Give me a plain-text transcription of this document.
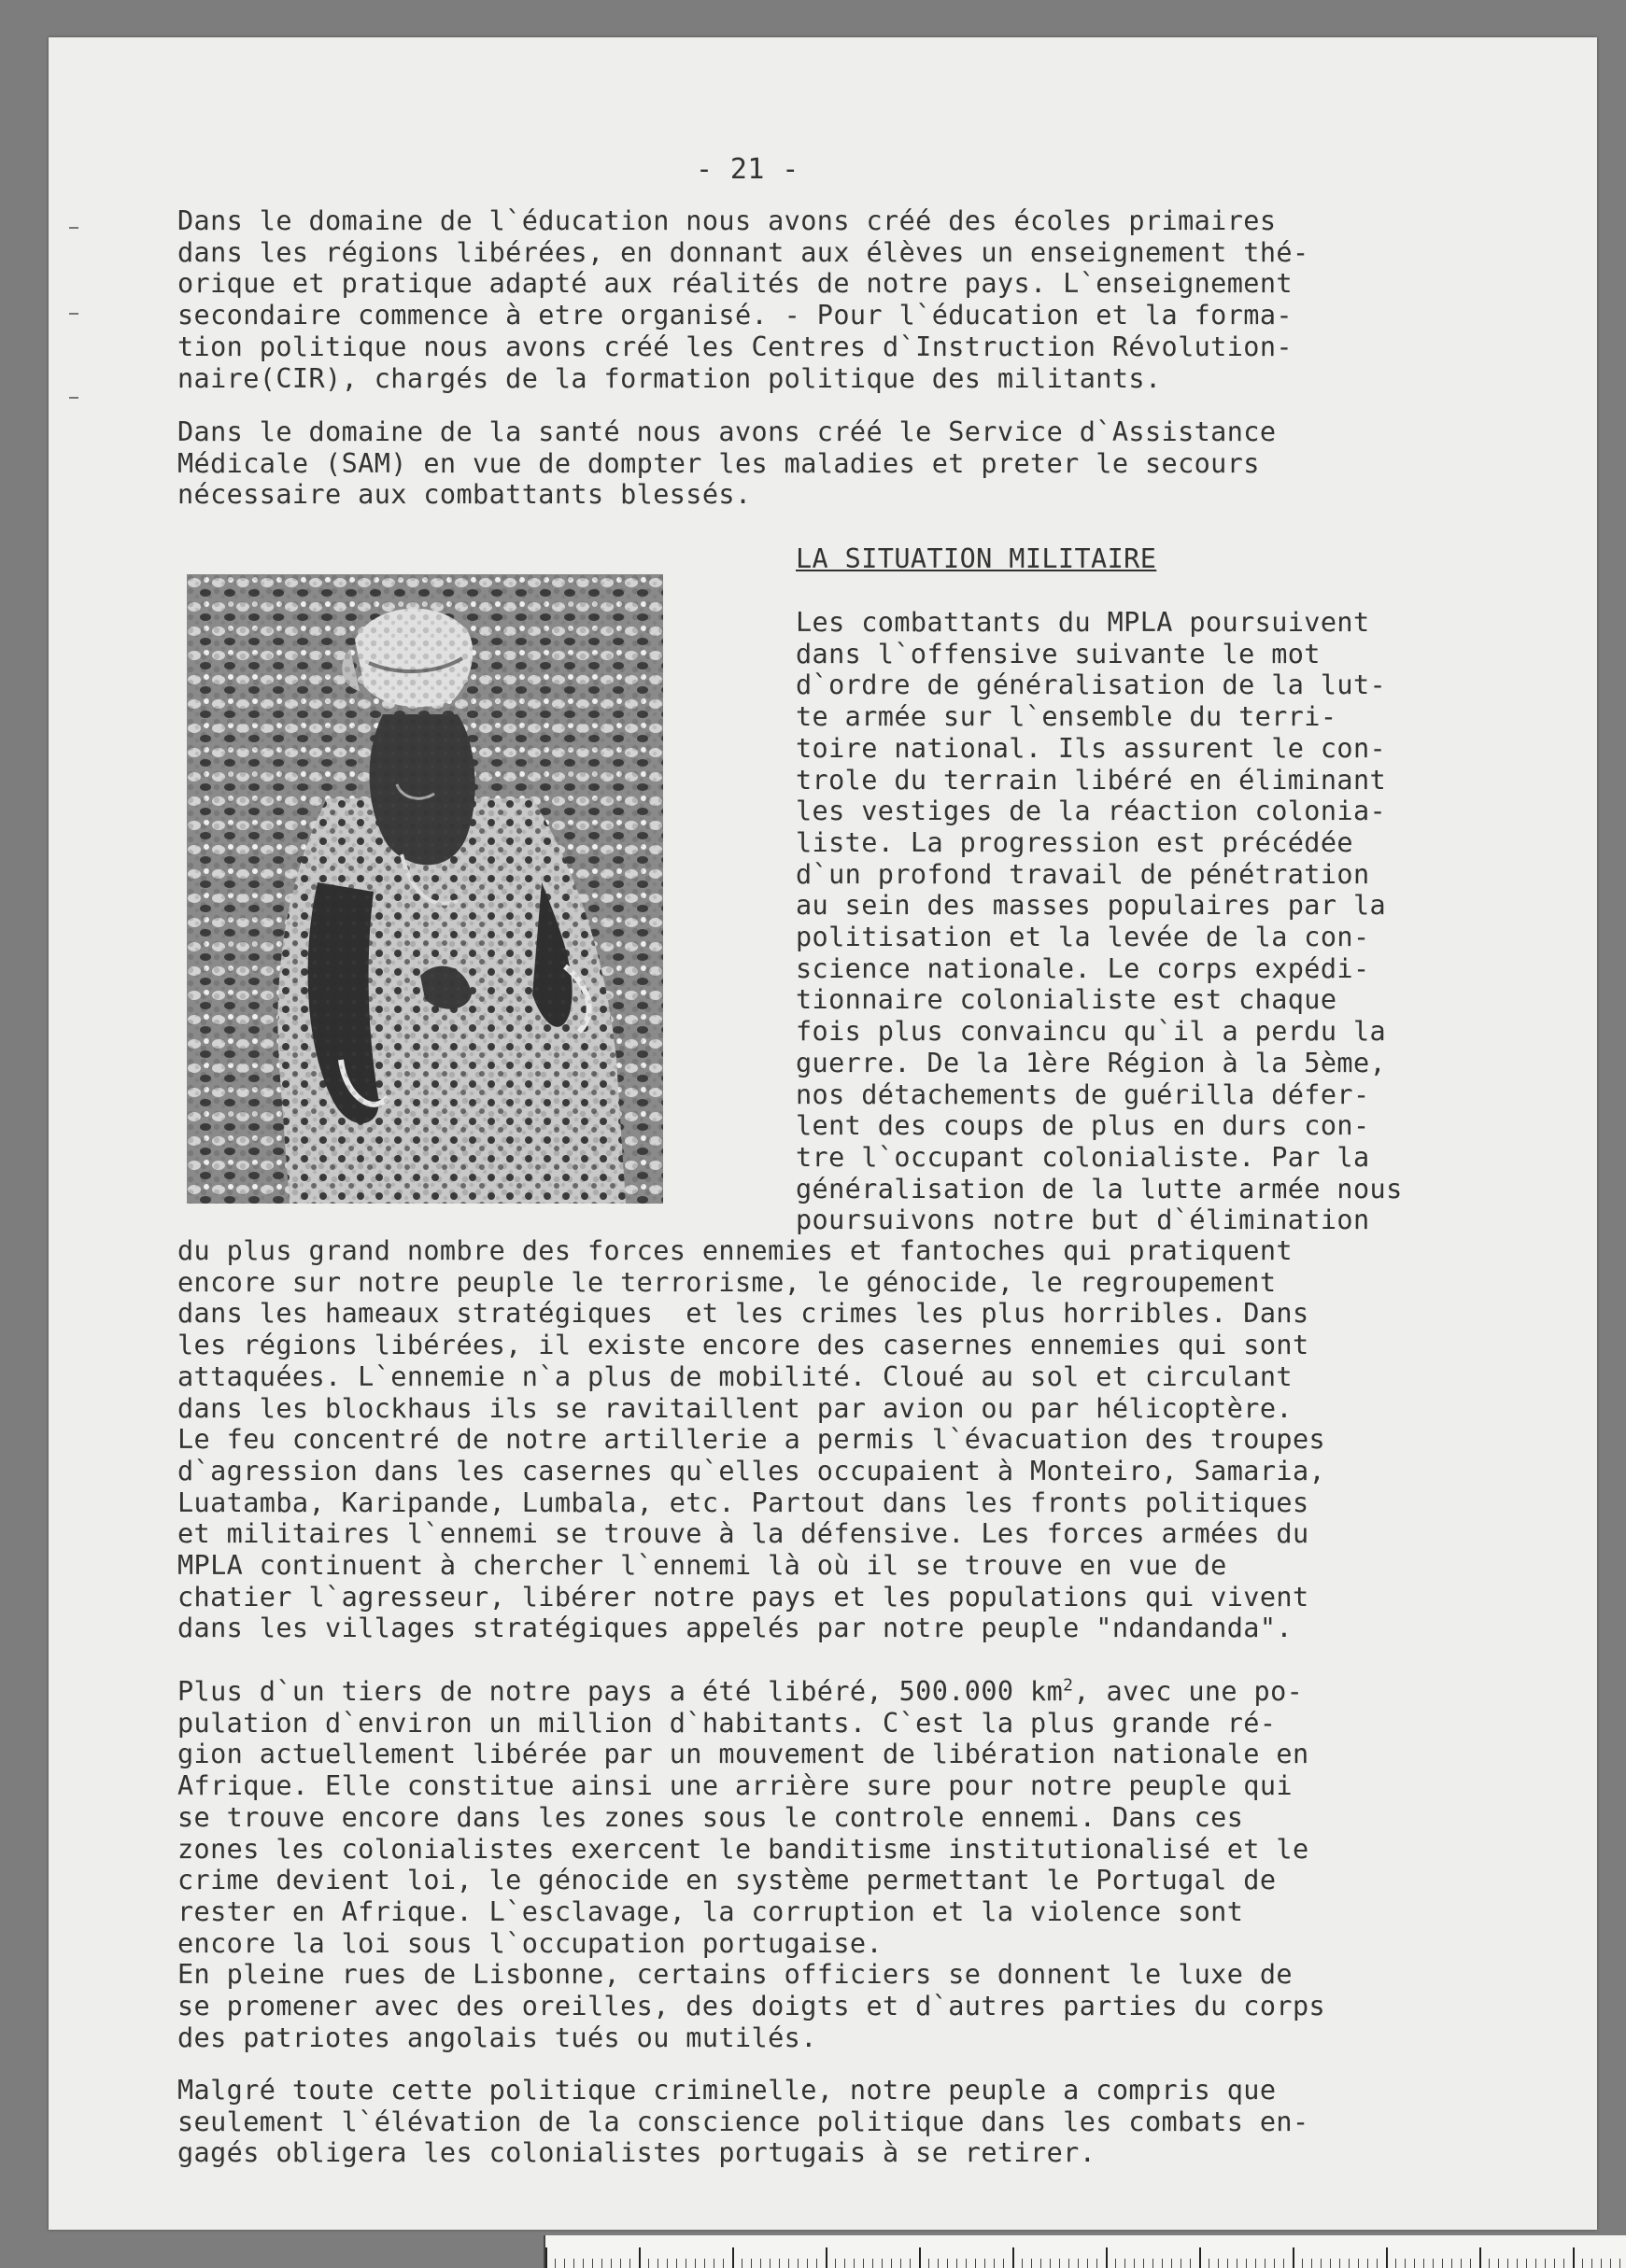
- 21 -

Dans le domaine de l`éducation nous avons créé des écoles primaires
dans les régions libérées, en donnant aux élèves un enseignement thé-
orique et pratique adapté aux réalités de notre pays. L`enseignement
secondaire commence à etre organisé. - Pour l`éducation et la forma-
tion politique nous avons créé les Centres d`Instruction Révolution-
naire(CIR), chargés de la formation politique des militants.

Dans le domaine de la santé nous avons créé le Service d`Assistance
Médicale (SAM) en vue de dompter les maladies et preter le secours
nécessaire aux combattants blessés.

LA SITUATION MILITAIRE

Les combattants du MPLA poursuivent
dans l`offensive suivante le mot
d`ordre de généralisation de la lut-
te armée sur l`ensemble du terri-
toire national. Ils assurent le con-
trole du terrain libéré en éliminant
les vestiges de la réaction colonia-
liste. La progression est précédée
d`un profond travail de pénétration
au sein des masses populaires par la
politisation et la levée de la con-
science nationale. Le corps expédi-
tionnaire colonialiste est chaque
fois plus convaincu qu`il a perdu la
guerre. De la 1ère Région à la 5ème,
nos détachements de guérilla défer-
lent des coups de plus en durs con-
tre l`occupant colonialiste. Par la
généralisation de la lutte armée nous
poursuivons notre but d`élimination

du plus grand nombre des forces ennemies et fantoches qui pratiquent
encore sur notre peuple le terrorisme, le génocide, le regroupement
dans les hameaux stratégiques  et les crimes les plus horribles. Dans
les régions libérées, il existe encore des casernes ennemies qui sont
attaquées. L`ennemie n`a plus de mobilité. Cloué au sol et circulant
dans les blockhaus ils se ravitaillent par avion ou par hélicoptère.
Le feu concentré de notre artillerie a permis l`évacuation des troupes
d`agression dans les casernes qu`elles occupaient à Monteiro, Samaria,
Luatamba, Karipande, Lumbala, etc. Partout dans les fronts politiques
et militaires l`ennemi se trouve à la défensive. Les forces armées du
MPLA continuent à chercher l`ennemi là où il se trouve en vue de
chatier l`agresseur, libérer notre pays et les populations qui vivent
dans les villages stratégiques appelés par notre peuple "ndandanda".

Plus d`un tiers de notre pays a été libéré, 500.000 $km^2$, avec une po-
pulation d`environ un million d`habitants. C`est la plus grande ré-
gion actuellement libérée par un mouvement de libération nationale en
Afrique. Elle constitue ainsi une arrière sure pour notre peuple qui
se trouve encore dans les zones sous le controle ennemi. Dans ces
zones les colonialistes exercent le banditisme institutionalisé et le
crime devient loi, le génocide en système permettant le Portugal de
rester en Afrique. L`esclavage, la corruption et la violence sont
encore la loi sous l`occupation portugaise.
En pleine rues de Lisbonne, certains officiers se donnent le luxe de
se promener avec des oreilles, des doigts et d`autres parties du corps
des patriotes angolais tués ou mutilés.

Malgré toute cette politique criminelle, notre peuple a compris que
seulement l`élévation de la conscience politique dans les combats en-
gagés obligera les colonialistes portugais à se retirer.
